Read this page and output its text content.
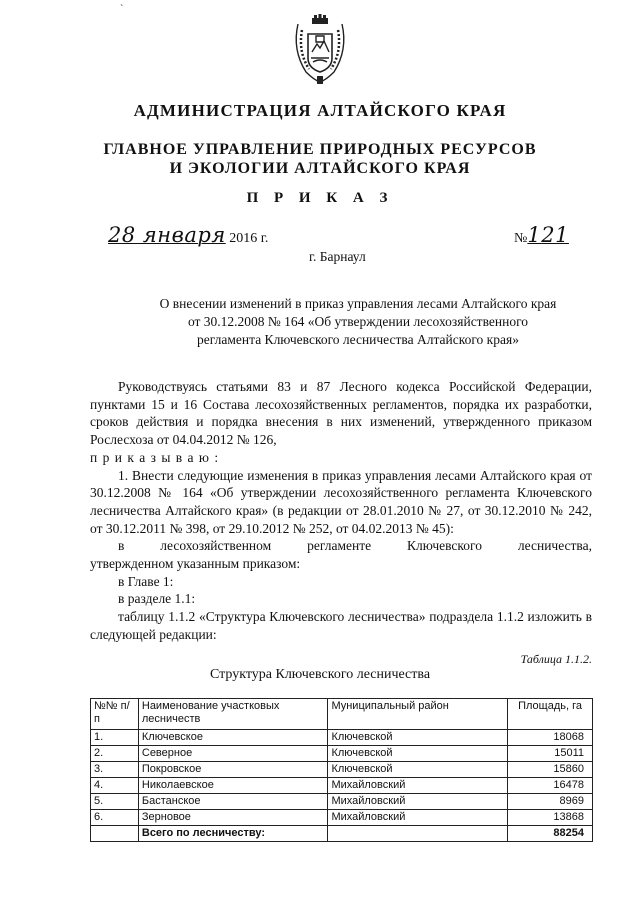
`
АДМИНИСТРАЦИЯ АЛТАЙСКОГО КРАЯ
ГЛАВНОЕ УПРАВЛЕНИЕ ПРИРОДНЫХ РЕСУРСОВ
И ЭКОЛОГИИ АЛТАЙСКОГО КРАЯ
П Р И К А З
28 января 2016 г.	№121
г. Барнаул
О внесении изменений в приказ управления лесами Алтайского края
от 30.12.2008 № 164 «Об утверждении лесохозяйственного
регламента Ключевского лесничества Алтайского края»

Руководствуясь статьями 83 и 87 Лесного кодекса Российской Федерации, пунктами 15 и 16 Состава лесохозяйственных регламентов, порядка их разработки, сроков действия и порядка внесения в них изменений, утвержденного приказом Рослесхоза от 04.04.2012 № 126,

п р и к а з ы в а ю :

1. Внести следующие изменения в приказ управления лесами Алтайского края от 30.12.2008 № 164 «Об утверждении лесохозяйственного регламента Ключевского лесничества Алтайского края» (в редакции от 28.01.2010 № 27, от 30.12.2010 № 242, от 30.12.2011 № 398, от 29.10.2012 № 252, от 04.02.2013 № 45):

в лесохозяйственном регламенте Ключевского лесничества,

утвержденном указанным приказом:

в Главе 1:

в разделе 1.1:

таблицу 1.1.2 «Структура Ключевского лесничества» подраздела 1.1.2 изложить в следующей редакции:

Таблица 1.1.2.
Структура Ключевского лесничества
№№ п/п	Наименование участковых лесничеств	Муниципальный район	Площадь, га
1.	Ключевское	Ключевской	18068
2.	Северное	Ключевской	15011
3.	Покровское	Ключевской	15860
4.	Николаевское	Михайловский	16478
5.	Бастанское	Михайловский	8969
6.	Зерновое	Михайловский	13868
	Всего по лесничеству:		88254
